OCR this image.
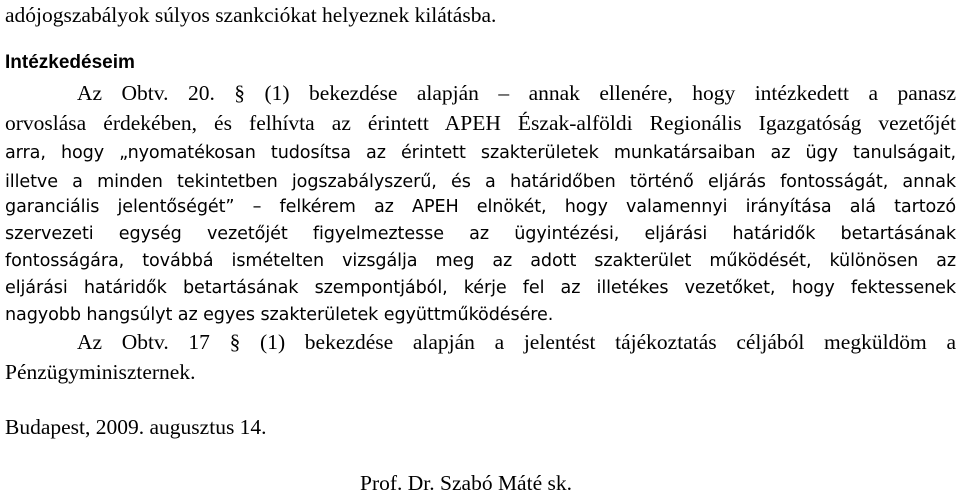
adójogszabályok súlyos szankciókat helyeznek kilátásba.
Intézkedéseim
Az Obtv. 20. § (1) bekezdése alapján – annak ellenére, hogy intézkedett a panasz
orvoslása érdekében, és felhívta az érintett APEH Észak-alföldi Regionális Igazgatóság vezetőjét
arra, hogy „nyomatékosan tudosítsa az érintett szakterületek munkatársaiban az ügy tanulságait,
illetve a minden tekintetben jogszabályszerű, és a határidőben történő eljárás fontosságát, annak
garanciális jelentőségét” – felkérem az APEH elnökét, hogy valamennyi irányítása alá tartozó
szervezeti egység vezetőjét figyelmeztesse az ügyintézési, eljárási határidők betartásának
fontosságára, továbbá ismételten vizsgálja meg az adott szakterület működését, különösen az
eljárási határidők betartásának szempontjából, kérje fel az illetékes vezetőket, hogy fektessenek
nagyobb hangsúlyt az egyes szakterületek együttműködésére.
Az Obtv. 17 § (1) bekezdése alapján a jelentést tájékoztatás céljából megküldöm a
Pénzügyminiszternek.
Budapest, 2009. augusztus 14.
Prof. Dr. Szabó Máté sk.
